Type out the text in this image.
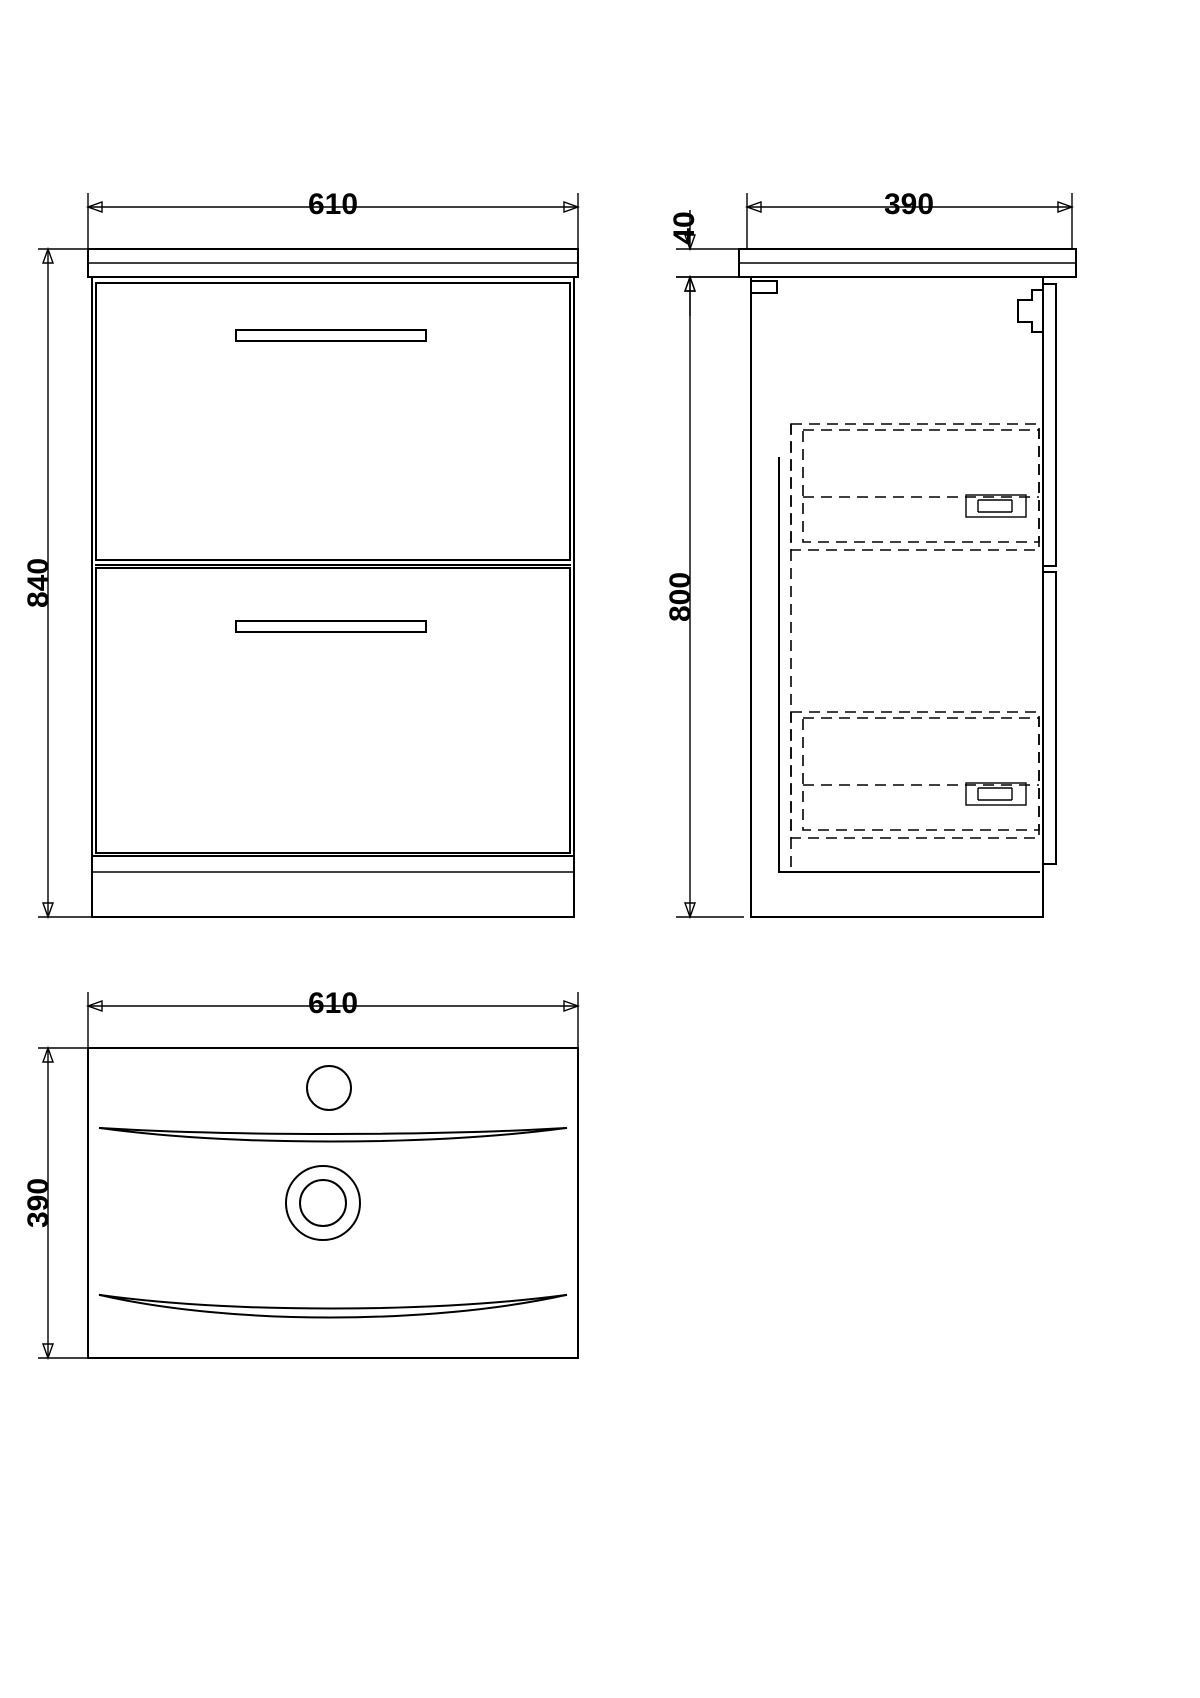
610
840
390
40
800
610
390
